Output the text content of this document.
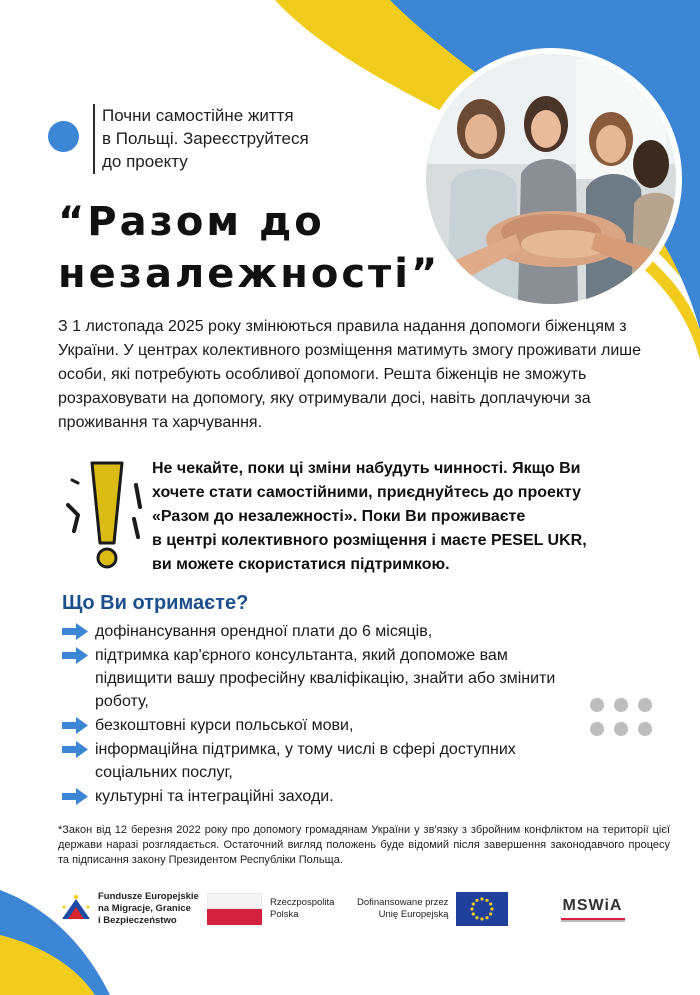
Почни самостійне життя
в Польщі. Зареєструйтеся
до проекту
“Разом до
незалежності”
З 1 листопада 2025 року змінюються правила надання допомоги біженцям з України. У центрах колективного розміщення матимуть змогу проживати лише особи, які потребують особливої допомоги. Решта біженців не зможуть розраховувати на допомогу, яку отримували досі, навіть доплачуючи за проживання та харчування.
Не чекайте, поки ці зміни набудуть чинності. Якщо Ви
хочете стати самостійними, приєднуйтесь до проекту
«Разом до незалежності». Поки Ви проживаєте
в центрі колективного розміщення і маєте PESEL UKR,
ви можете скористатися підтримкою.
Що Ви отримаєте?
дофінансування орендної плати до 6 місяців,
підтримка кар'єрного консультанта, який допоможе вам підвищити вашу професійну кваліфікацію, знайти або змінити роботу,
безкоштовні курси польської мови,
інформаційна підтримка, у тому числі в сфері доступних соціальних послуг,
культурні та інтеграційні заходи.
*Закон від 12 березня 2022 року про допомогу громадянам України у зв'язку з збройним конфліктом на території цієї держави наразі розглядається. Остаточний вигляд положень буде відомий після завершення законодавчого процесу та підписання закону Президентом Республіки Польща.
Fundusze Europejskie
na Migracje, Granice
i Bezpieczeństwo
Rzeczpospolita
Polska
Dofinansowane przez
Unię Europejską
MSWiA
